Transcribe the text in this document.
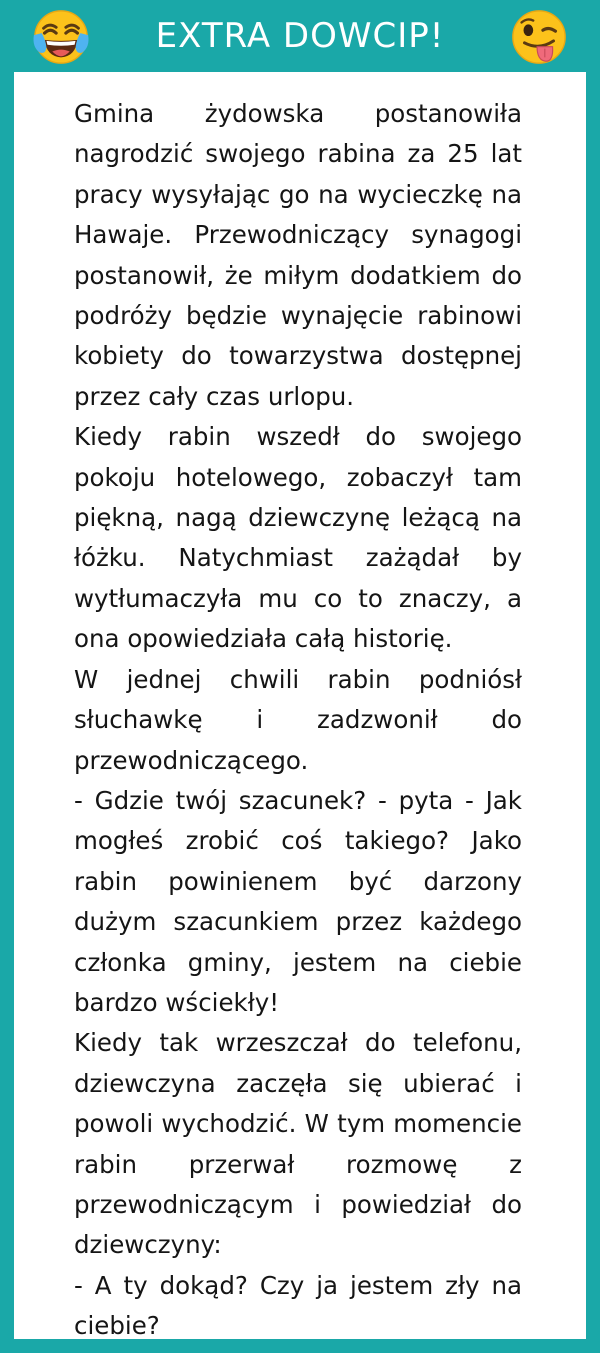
EXTRA DOWCIP!

Gmina żydowska postanowiła nagrodzić swojego rabina za 25 lat pracy wysyłając go na wycieczkę na Hawaje. Przewodniczący synagogi postanowił, że miłym dodatkiem do podróży będzie wynajęcie rabinowi kobiety do towarzystwa dostępnej przez cały czas urlopu.

Kiedy rabin wszedł do swojego pokoju hotelowego, zobaczył tam piękną, nagą dziewczynę leżącą na łóżku. Natychmiast zażądał by wytłumaczyła mu co to znaczy, a ona opowiedziała całą historię.

W jednej chwili rabin podniósł słuchawkę i zadzwonił do przewodniczącego.

- Gdzie twój szacunek? - pyta - Jak mogłeś zrobić coś takiego? Jako rabin powinienem być darzony dużym szacunkiem przez każdego członka gminy, jestem na ciebie bardzo wściekły!

Kiedy tak wrzeszczał do telefonu, dziewczyna zaczęła się ubierać i powoli wychodzić. W tym momencie rabin przerwał rozmowę z przewodniczącym i powiedział do dziewczyny:

- A ty dokąd? Czy ja jestem zły na ciebie?
